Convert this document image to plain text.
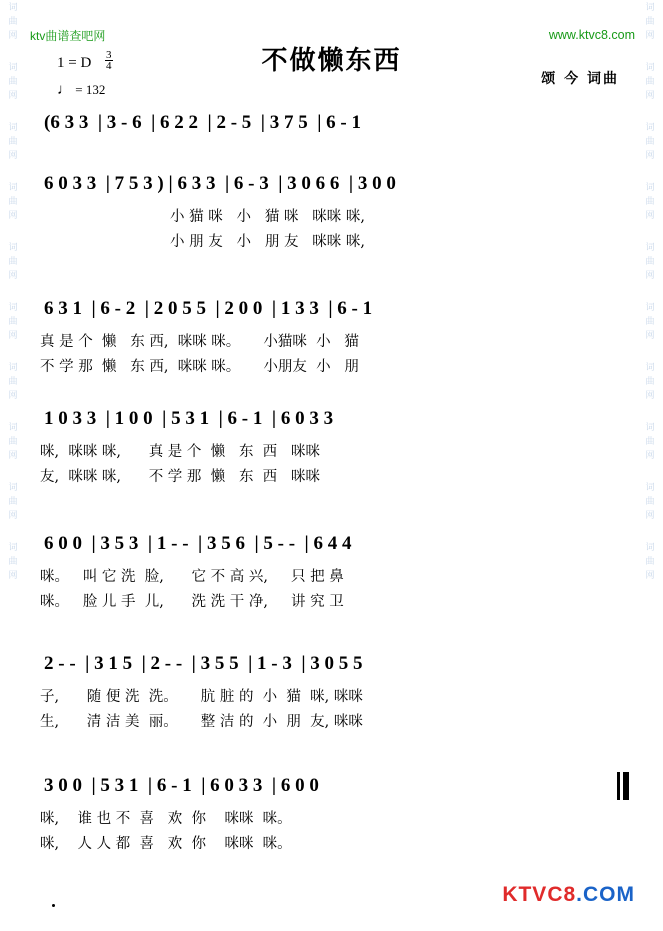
词
曲
网
词
曲
网
词
曲
网
词
曲
网
词
曲
网
词
曲
网
词
曲
网
词
曲
网
词
曲
网
词
曲
网
词
曲
网
词
曲
网
词
曲
网
词
曲
网
词
曲
网
词
曲
网
词
曲
网
词
曲
网
词
曲
网
词
曲
网
ktv曲谱查吧网	www.ktvc8.com
不做懒东西
1 = D $\frac{3}{4}$
♩ = 132
颂 今 词曲
(6 3 3  | 3 - 6  | 6 2 2  | 2 - 5  | 3 7 5  | 6 - 1
6 0 3 3  | 7 5 3 ) | 6 3 3  | 6 - 3  | 3 0 6 6  | 3 0 0
小 猫 咪   小   猫 咪   咪咪 咪,
小 朋 友   小   朋 友   咪咪 咪,
6 3 1  | 6 - 2  | 2 0 5 5  | 2 0 0  | 1 3 3  | 6 - 1
真 是 个  懒   东 西,  咪咪 咪。     小猫咪  小   猫
不 学 那  懒   东 西,  咪咪 咪。     小朋友  小   朋
1 0 3 3  | 1 0 0  | 5 3 1  | 6 - 1  | 6 0 3 3
咪,  咪咪 咪,      真 是 个  懒   东  西   咪咪
友,  咪咪 咪,      不 学 那  懒   东  西   咪咪
6 0 0  | 3 5 3  | 1 - -  | 3 5 6  | 5 - -  | 6 4 4
咪。   叫 它 洗  脸,      它 不 高 兴,     只 把 鼻
咪。   脸 儿 手  儿,      洗 洗 干 净,     讲 究 卫
2 - -  | 3 1 5  | 2 - -  | 3 5 5  | 1 - 3  | 3 0 5 5
子,      随 便 洗  洗。     肮 脏 的  小  猫  咪, 咪咪
生,      清 洁 美  丽。     整 洁 的  小  朋  友, 咪咪
3 0 0  | 5 3 1  | 6 - 1  | 6 0 3 3  | 6 0 0
咪,    谁 也 不  喜   欢  你    咪咪  咪。
咪,    人 人 都  喜   欢  你    咪咪  咪。
KTVC8.COM
